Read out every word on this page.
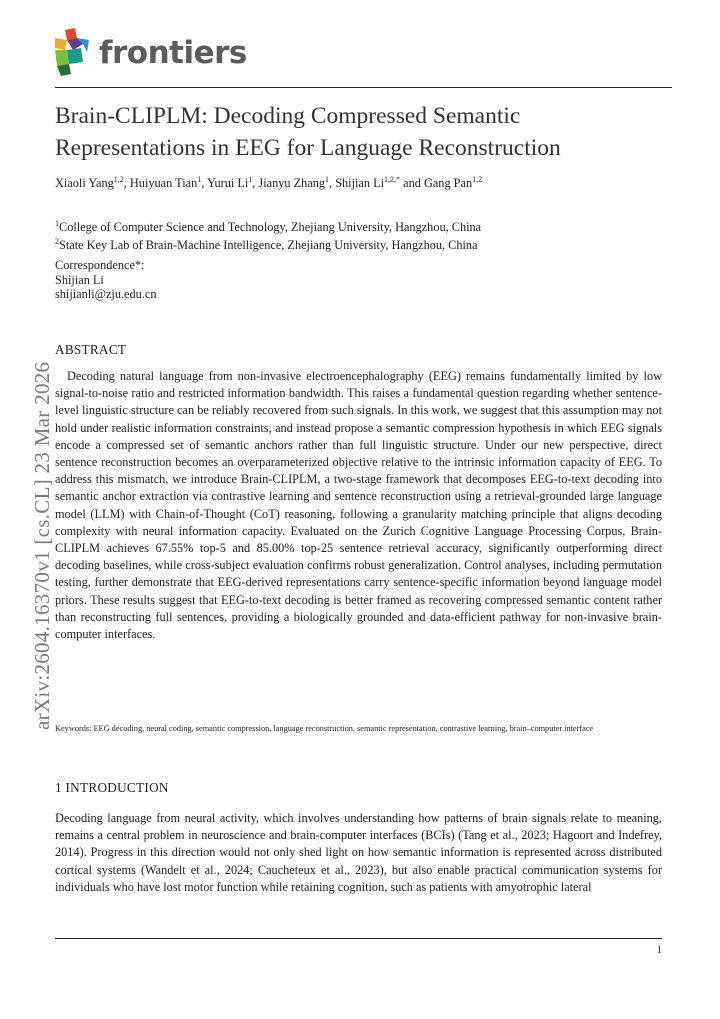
frontiers
arXiv:2604.16370v1 [cs.CL] 23 Mar 2026
Brain-CLIPLM: Decoding Compressed Semantic
Representations in EEG for Language Reconstruction
Xiaoli Yang$^{1,2}$, Huiyuan Tian$^1$, Yurui Li$^1$, Jianyu Zhang$^1$, Shijian $Li^{1,2,*}$ and Gang Pan$^{1,2}$
$^1$College of Computer Science and Technology, Zhejiang University, Hangzhou, China
$^2$State Key Lab of Brain-Machine Intelligence, Zhejiang University, Hangzhou, China
Correspondence*:
Shijian Li
shijianli@zju.edu.cn
ABSTRACT

Decoding natural language from non-invasive electroencephalography (EEG) remains fundamentally limited by low signal-to-noise ratio and restricted information bandwidth. This raises a fundamental question regarding whether sentence-level linguistic structure can be reliably recovered from such signals. In this work, we suggest that this assumption may not hold under realistic information constraints, and instead propose a semantic compression hypothesis in which EEG signals encode a compressed set of semantic anchors rather than full linguistic structure. Under our new perspective, direct sentence reconstruction becomes an overparameterized objective relative to the intrinsic information capacity of EEG. To address this mismatch, we introduce Brain-CLIPLM, a two-stage framework that decomposes EEG-to-text decoding into semantic anchor extraction via contrastive learning and sentence reconstruction using a retrieval-grounded large language model (LLM) with Chain-of-Thought (CoT) reasoning, following a granularity matching principle that aligns decoding complexity with neural information capacity. Evaluated on the Zurich Cognitive Language Processing Corpus, Brain-CLIPLM achieves 67.55% top-5 and 85.00% top-25 sentence retrieval accuracy, significantly outperforming direct decoding baselines, while cross-subject evaluation confirms robust generalization. Control analyses, including permutation testing, further demonstrate that EEG-derived representations carry sentence-specific information beyond language model priors. These results suggest that EEG-to-text decoding is better framed as recovering compressed semantic content rather than reconstructing full sentences, providing a biologically grounded and data-efficient pathway for non-invasive brain-computer interfaces.

Keywords: EEG decoding, neural coding, semantic compression, language reconstruction, semantic representation, contrastive learning, brain–computer interface

1 INTRODUCTION

Decoding language from neural activity, which involves understanding how patterns of brain signals relate to meaning, remains a central problem in neuroscience and brain-computer interfaces (BCIs) (Tang et al., 2023; Hagoort and Indefrey, 2014). Progress in this direction would not only shed light on how semantic information is represented across distributed cortical systems (Wandelt et al., 2024; Caucheteux et al., 2023), but also enable practical communication systems for individuals who have lost motor function while retaining cognition, such as patients with amyotrophic lateral

1
